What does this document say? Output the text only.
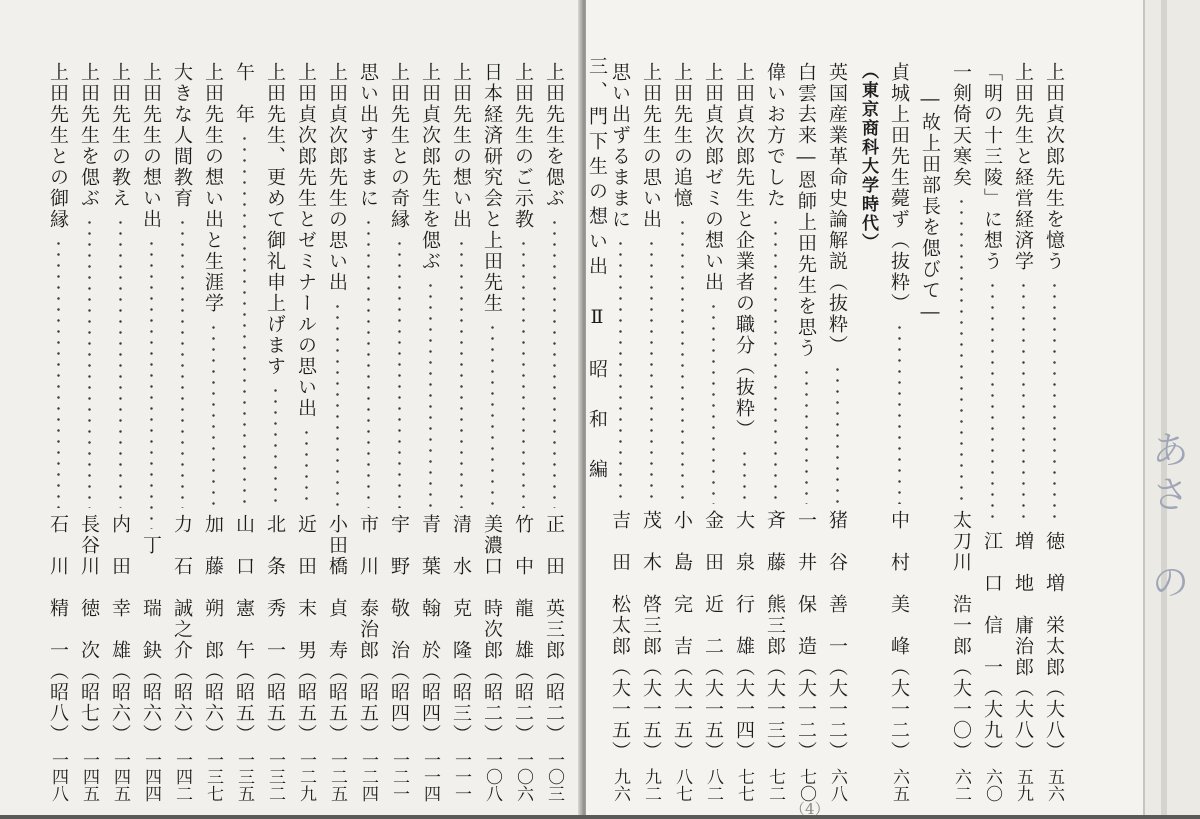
上田先生を偲ぶ
正　田　英三郎（昭二）
一〇三
上田先生のご示教
竹　中　龍　雄（昭二）
一〇六
日本経済研究会と上田先生
美濃口　時次郎（昭二）
一〇八
上田先生の想い出
清　水　克　隆（昭三）
一一一
上田貞次郎先生を偲ぶ
青　葉　翰　於（昭四）
一一四
上田先生との奇縁
宇　野　敬　治（昭四）
一二一
思い出すままに
市　川　泰治郎（昭五）
一二四
上田貞次郎先生の思い出
小田橋　貞　寿（昭五）
一二五
上田貞次郎先生とゼミナールの思い出
近　田　末　男（昭五）
一二九
上田先生、更めて御礼申上げます
北　条　秀　一（昭五）
一三二
午　年
山　口　憲　午（昭五）
一三五
上田先生の想い出と生涯学
加　藤　朔　郎（昭六）
一三七
大きな人間教育
力　石　誠之介（昭六）
一四二
上田先生の想い出
丁　　瑞　鈌（昭六）
一四四
上田先生の教え
内　田　幸　雄（昭六）
一四五
上田先生を偲ぶ
長谷川　徳　次（昭七）
一四五
上田先生との御縁
石　川　精　一（昭八）
一四八
上田貞次郎先生を憶う
徳　増　栄太郎（大八）
五六
上田先生と経営経済学
増　地　庸治郎（大八）
五九
「明の十三陵」に想う
江　口　信　一（大九）
六〇
一剣倚天寒矣
太刀川　浩一郎（大一〇）
六二
―故上田部長を偲びて―
貞城上田先生薨ず（抜粋）
中　村　美　峰（大一二）
六五
（東京商科大学時代）
英国産業革命史論解説（抜粋）
猪　谷　善　一（大一二）
六八
白雲去来―恩師上田先生を思う
一　井　保　造（大一二）
七〇
偉いお方でした
斉　藤　熊三郎（大一三）
七二
上田貞次郎先生と企業者の職分（抜粋）
大　泉　行　雄（大一四）
七七
上田貞次郎ゼミの想い出
金　田　近　二（大一五）
八二
上田先生の追憶
小　島　完　吉（大一五）
八七
上田先生の思い出
茂　木　啓三郎（大一五）
九二
思い出ずるままに
吉　田　松太郎（大一五）
九六
三、門下生の想い出　Ⅱ　昭　和　編
（4）
あさ　の
